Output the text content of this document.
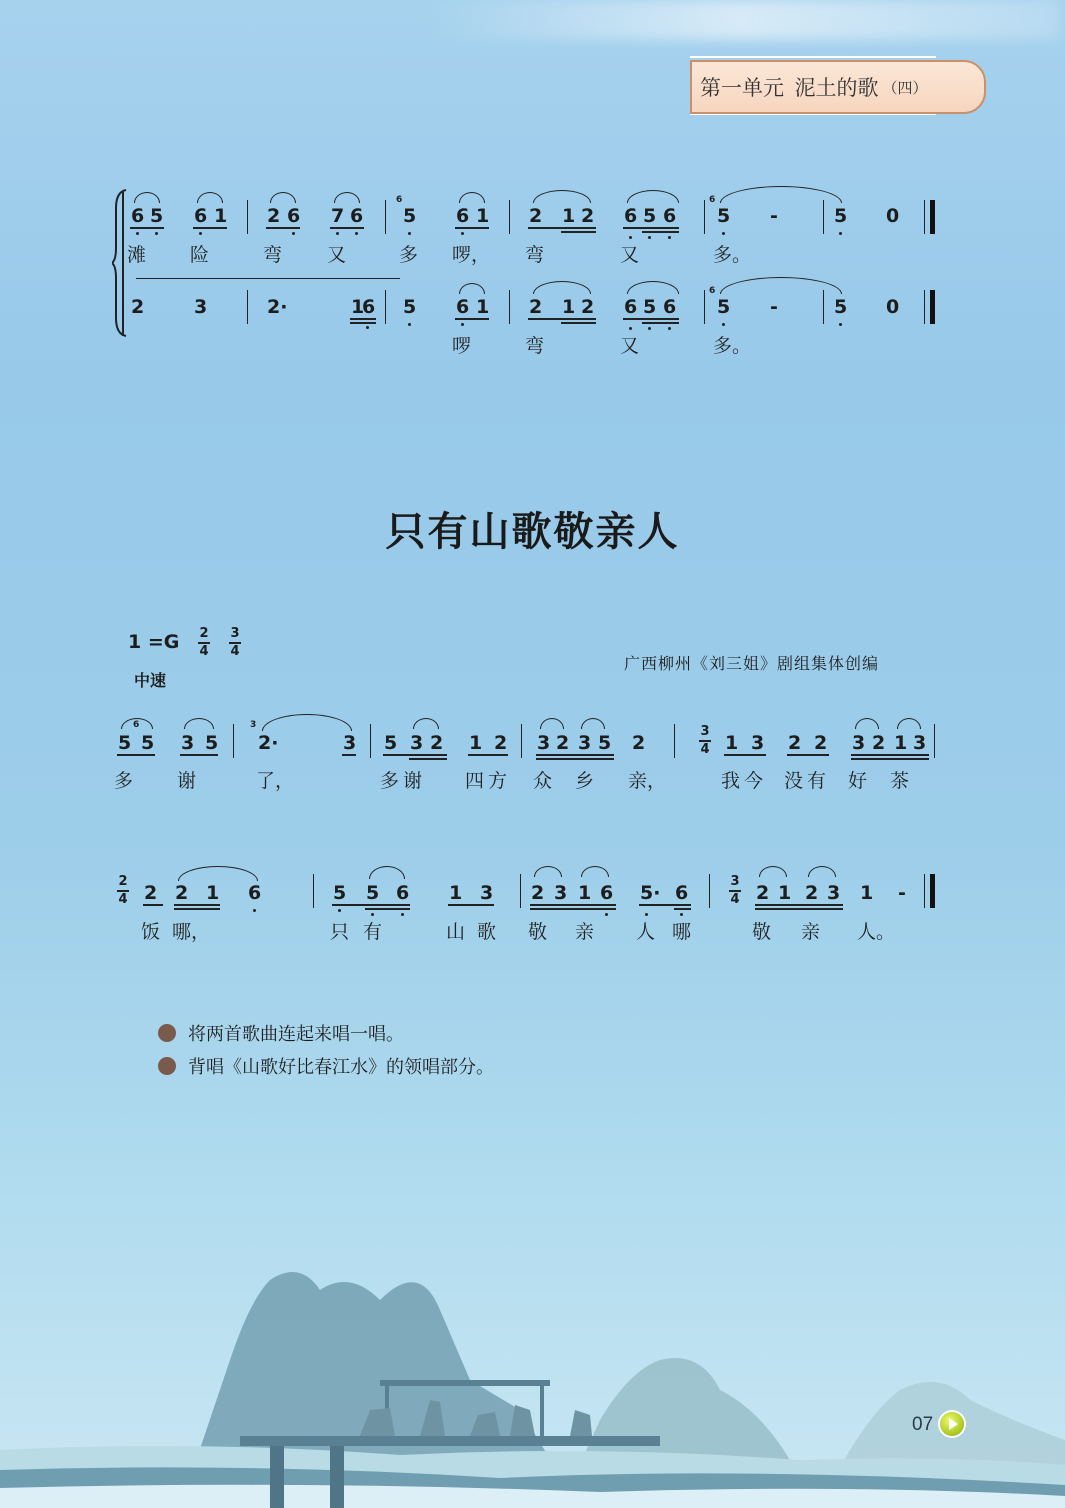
第一单元
泥土的歌 （四）
6 5 6 1 2 6 7 6
6
5 6 1 2 1 2 6 5 6
6
5 -	5 0
滩 险	弯 又	多 啰， 弯	又	多。
2	3	2·	1
6 5 6 1 2 1 2 6 5 6
6
5 -	5 0
啰	弯	又	多。
只有山歌敬亲人
1 =G 2
4
3
4
中速
广西柳州《刘三姐》剧组集体创编
6
5 5 3 5
3
2·	3 5 3 2 1 2 3 2 3 5 2
3
4 1 3 2 2 3 2 1 3
多 谢	了，	多谢 四方 众 乡 亲，	我今 没有 好 茶
2
4 2 2 1 6	5 5 6 1 3 2 3 1 6 5· 6
3
4 2 1 2 3 1 -
饭 哪，	只 有	山 歌 敬 亲 人 哪	敬 亲 人。
将两首歌曲连起来唱一唱。
背唱《山歌好比春江水》的领唱部分。
07
